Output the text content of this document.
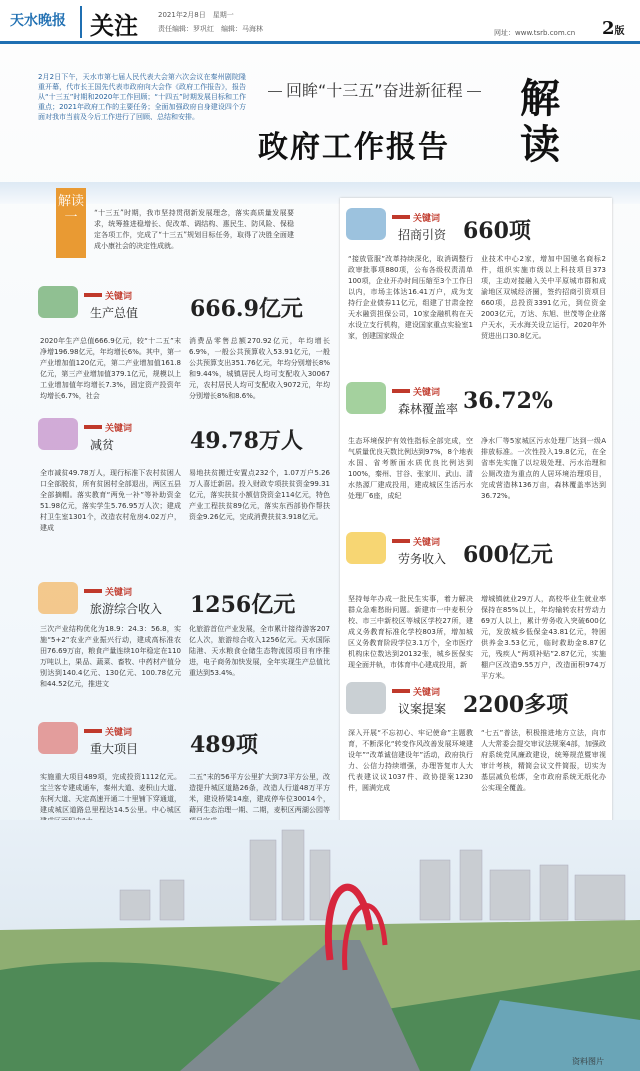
天水晚报 关注	2021年2月8日　星期一
责任编辑：罗巩红　编辑：马海林	网址：www.tsrb.com.cn 2版
2月2日下午，天水市第七届人民代表大会第六次会议在秦州剧院隆重开幕，代市长王国先代表市政府向大会作《政府工作报告》，报告从“十三五”时期和2020年工作回顾；“十四五”时期发展目标和工作重点；2021年政府工作的主要任务；全面加强政府自身建设四个方面对我市当前及今后工作进行了回顾、总结和安排。
回眸“十三五”奋进新征程
政府工作报告
解
读
解读一	“十三五”时期，我市坚持贯彻新发展理念，落实高质量发展要求，统筹推进稳增长、促改革、调结构、惠民生、防风险、保稳定各项工作，完成了“十三五”规划目标任务，取得了决胜全面建成小康社会的决定性成就。
关键词
生产总值 666.9亿元
2020年生产总值666.9亿元，较“十二五”末净增196.98亿元，年均增长6%。其中，第一产业增加值120亿元，第二产业增加值161.8亿元，第三产业增加值379.1亿元，规模以上工业增加值年均增长7.3%，固定资产投资年均增长6.7%，社会
消费品零售总额270.92亿元，年均增长6.9%，一般公共预算收入53.91亿元，一般公共预算支出351.76亿元，年均分别增长8%和9.44%，城镇居民人均可支配收入30067元，农村居民人均可支配收入9072元，年均分别增长8%和8.6%。
关键词
减贫	49.78万人
全市减贫49.78万人，现行标准下农村贫困人口全部脱贫，所有贫困村全部退出，两区五县全部摘帽。落实教育“两免一补”等补助资金51.98亿元，落实学生5.76.95万人次；建成村卫生室1301个，改造农村危房4.02万户，建成
易地扶贫搬迁安置点232个，1.07万户5.26万人喜迁新居。投入财政专项扶贫资金99.31亿元，落实扶贫小额信贷资金114亿元，特色产业工程扶贫89亿元，落实东西部协作帮扶资金9.26亿元，完成消费扶贫3.918亿元。
关键词
旅游综合收入 1256亿元
三次产业结构优化为18.9：24.3：56.8，实施“5+2”农业产业振兴行动，建成高标准农田76.69万亩，粮食产量连续10年稳定在110万吨以上，果品、蔬菜、畜牧、中药材产值分别达到140.4亿元、130亿元、100.78亿元和44.52亿元，推进文
化旅游首位产业发展，全市累计接待游客207亿人次，旅游综合收入1256亿元。天水国际陆港、天水粮食仓储生态物流园项目有序推进，电子商务加快发展，全年实现生产总值比重达到53.4%。
关键词
重大项目 489项
实施重大项目489项，完成投资1112亿元。宝兰客专建成通车，秦州大道、麦积山大道、东柯大道、天定高速开通二十里铺下穿通道，建成城区道路总里程达14.5公里。中心城区
二五”末的56平方公里扩大到73平方公里，改造提升城区道路26条，改造人行道48万平方米，建设桥梁14座，建成停车位30014个，藉河生态治理一期、二期，麦积区两湖公园等
关键词
招商引资 660项
“接放管服”改革持续深化，取消调整行政审批事项880项，公布各级权责清单100项，企业开办时间压缩至3个工作日以内，市场主体达16.41万户，成为支持行企业债券11亿元，组建了甘肃金控天水融资担保公司，10家金融机构在天水设立支行机构，建设国家重点实验室1家，创建国家级企
业技术中心2家，增加中国驰名商标2件，组织实施市级以上科技项目373项，主动对接融入关中平原城市群和成渝地区双城经济圈，签约招商引资项目660项，总投资3391亿元，到位资金2003亿元，万达、东旭、世茂等企业落户天水，天水海关设立运行，2020年外贸进出口30.8亿元。
关键词
森林覆盖率 36.72%
生态环境保护有效性指标全部完成，空气质量优良天数比例达到97%，8个地表水国、省考断面水质优良比例达到100%，秦州、甘谷、张家川、武山、清水热源厂建成投用，建成城区生活污水处理厂6座，成纪
净水厂等5家城区污水处理厂达到一级A排放标准。一次性投入19.8亿元，在全省率先实施了以垃圾处理、污水治理和公厕改造为重点的人居环境治理项目，完成营造林136万亩，森林覆盖率达到36.72%。
关键词
劳务收入 600亿元
坚持每年办成一批民生实事，着力解决群众急难愁盼问题。新建市一中麦积分校、市三中新校区等城区学校27所，建成义务教育标准化学校803所，增加城区义务教育阶段学位3.1万个，全市医疗机构床位数达到20132张，城乡医保实现全面并轨，市体育中心建成投用，新
增城镇就业29万人，高校毕业生就业率保持在85%以上，年均输转农村劳动力69万人以上，累计劳务收入突破600亿元，发放城乡低保金43.81亿元，特困供养金3.53亿元，临时救助金8.87亿元，残疾人“两项补贴”2.87亿元，实施棚户区改造9.55万户，改造面积974万平方米。
关键词
议案提案 2200多项
深入开展“不忘初心、牢记使命”主题教育，不断深化“转变作风改善发展环境建设年”“改革诚信建设年”活动，政府执行力、公信力持续增强，办理答复市人大代表建议议1037件、政协提案1230件，圆满完成
“七五”普法，积极推进地方立法，向市人大常委会提交审议法规案4部，加强政府系统党风廉政建设，统筹规范暨审视审计考核，精简会议文件简报，切实为基层减负松绑，全市政府系统无纸化办公实现全覆盖。
资料图片
